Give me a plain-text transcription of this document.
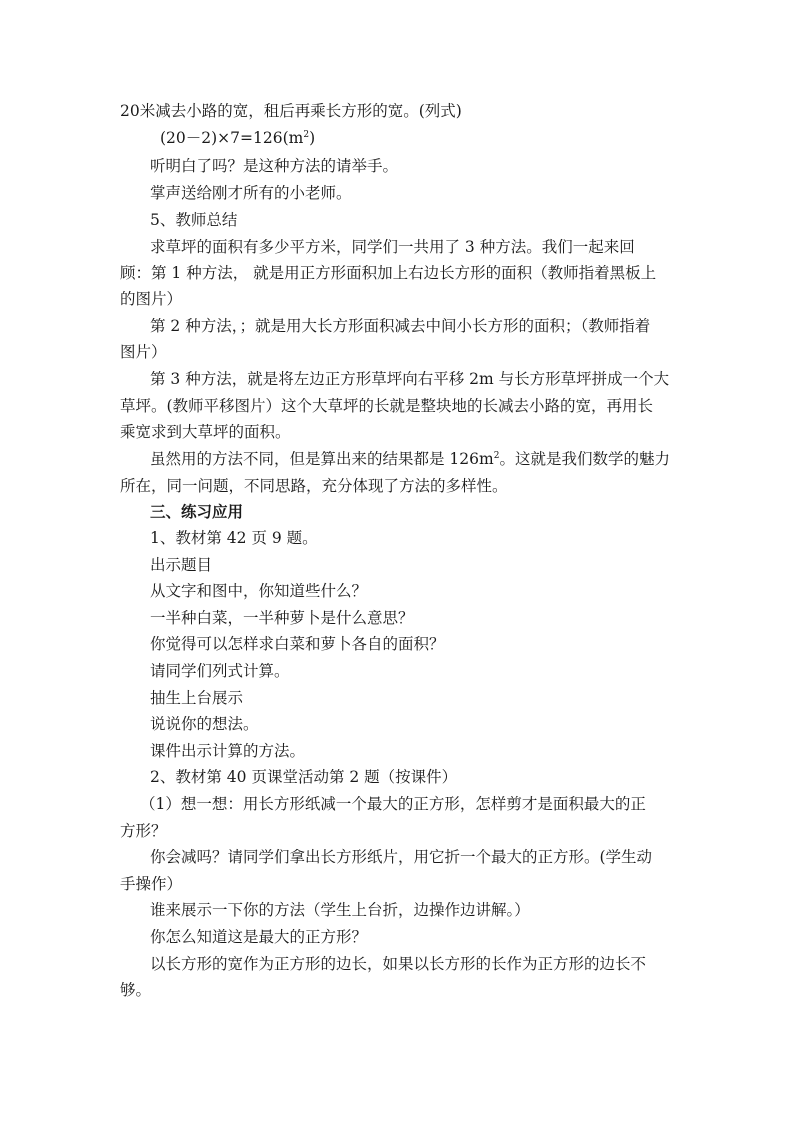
20米减去小路的宽，租后再乘长方形的宽。(列式)
$(20-2)\times 7=126(m^2)$
听明白了吗？是这种方法的请举手。
掌声送给刚才所有的小老师。
5、教师总结
求草坪的面积有多少平方米，同学们一共用了 3 种方法。我们一起来回
顾：第 1 种方法， 就是用正方形面积加上右边长方形的面积（教师指着黑板上
的图片）
第 2 种方法，；就是用大长方形面积减去中间小长方形的面积；（教师指着
图片）
第 3 种方法，就是将左边正方形草坪向右平移 2m 与长方形草坪拼成一个大
草坪。(教师平移图片）这个大草坪的长就是整块地的长减去小路的宽，再用长
乘宽求到大草坪的面积。
虽然用的方法不同，但是算出来的结果都是 $126m^2$。这就是我们数学的魅力
所在，同一问题，不同思路，充分体现了方法的多样性。
三、练习应用
1、教材第 42 页 9 题。
出示题目
从文字和图中，你知道些什么？
一半种白菜，一半种萝卜是什么意思？
你觉得可以怎样求白菜和萝卜各自的面积？
请同学们列式计算。
抽生上台展示
说说你的想法。
课件出示计算的方法。
2、教材第 40 页课堂活动第 2 题（按课件）
（1）想一想：用长方形纸减一个最大的正方形，怎样剪才是面积最大的正
方形？
你会减吗？请同学们拿出长方形纸片，用它折一个最大的正方形。(学生动
手操作）
谁来展示一下你的方法（学生上台折，边操作边讲解。）
你怎么知道这是最大的正方形？
以长方形的宽作为正方形的边长，如果以长方形的长作为正方形的边长不
够。
